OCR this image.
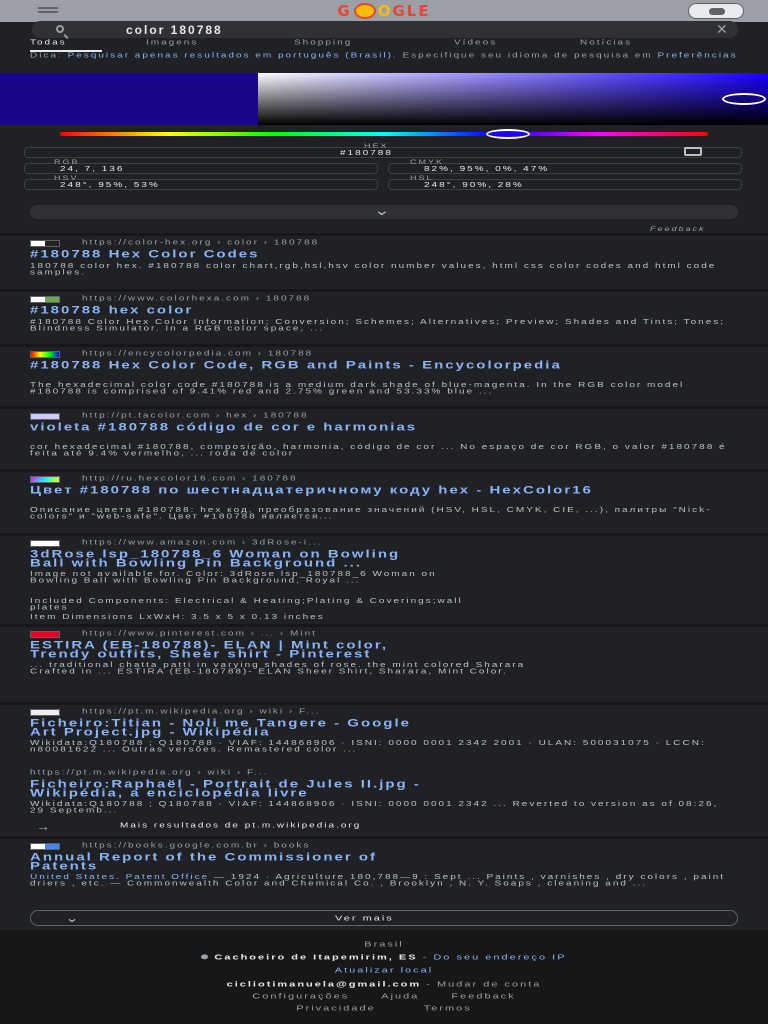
G O G L E
color 180788
✕
Todas	Imagens	Shopping	Vídeos	Notícias
Dica: Pesquisar apenas resultados em português (Brasil). Especifique seu idioma de pesquisa em Preferências
HEX
#180788
RGB
24, 7, 136
CMYK
82%, 95%, 0%, 47%
HSV
248°, 95%, 53%
HSL
248°, 90%, 28%
⌄
Feedback
https://color-hex.org › color › 180788
#180788 Hex Color Codes
180788 color hex. #180788 color chart,rgb,hsl,hsv color number values, html css color codes and html code samples.
https://www.colorhexa.com › 180788
#180788 hex color
#180788 Color Hex Color Information; Conversion; Schemes; Alternatives; Preview; Shades and Tints; Tones; Blindness Simulator. In a RGB color space, ...
https://encycolorpedia.com › 180788
#180788 Hex Color Code, RGB and Paints - Encycolorpedia
The hexadecimal color code #180788 is a medium dark shade of blue-magenta. In the RGB color model #180788 is comprised of 9.41% red and 2.75% green and 53.33% blue ...
http://pt.tacolor.com › hex › 180788
violeta #180788 código de cor e harmonias
cor hexadecimal #180788, composição, harmonia, código de cor ... No espaço de cor RGB, o valor #180788 é feita até 9.4% vermelho, ... roda de color
http://ru.hexcolor16.com › 180788
Цвет #180788 по шестнадцатеричному коду hex - HexColor16
Описание цвета #180788: hex код, преобразование значений (HSV, HSL, CMYK, CIE, ...), палитры "Nick-colors" и "web-safe". Цвет #180788 является...
https://www.amazon.com › 3dRose-i...
3dRose lsp_180788_6 Woman on Bowling
Ball with Bowling Pin Background ...
Image not available for. Color: 3dRose lsp_180788_6 Woman on Bowling Ball with Bowling Pin Background, Royal ...
Included Components: Electrical & Heating;Plating & Coverings;wall plates
Item Dimensions LxWxH: 3.5 x 5 x 0.13 inches
https://www.pinterest.com › ... › Mint
ESTIRA (EB-180788)- ELAN | Mint color,
Trendy outfits, Sheer shirt - Pinterest
... traditional chatta patti in varying shades of rose. the mint colored Sharara Crafted in ... ESTIRA (EB-180788)- ELAN Sheer Shirt, Sharara, Mint Color.
https://pt.m.wikipedia.org › wiki › F...
Ficheiro:Titian - Noli me Tangere - Google
Art Project.jpg - Wikipédia
Wikidata:Q180788 ; Q180788 · VIAF: 144868906 · ISNI: 0000 0001 2342 2001 · ULAN: 500031075 · LCCN: n80081622 ... Outras versões. Remastered color ...
https://pt.m.wikipedia.org › wiki › F...
Ficheiro:Raphaël - Portrait de Jules II.jpg -
Wikipédia, a enciclopédia livre
Wikidata:Q180788 ; Q180788 · VIAF: 144868906 · ISNI: 0000 0001 2342 ... Reverted to version as of 08:26, 29 Septemb...
→	Mais resultados de pt.m.wikipedia.org
https://books.google.com.br › books
Annual Report of the Commissioner of
Patents
United States. Patent Office — 1924 · Agriculture 180,788—9 : Sept ... Paints , varnishes , dry colors , paint driers , etc. — Commonwealth Color and Chemical Co. , Brooklyn , N. Y. Soaps , cleaning and ...
⌄	Ver mais
Brasil
Cachoeiro de Itapemirim, ES - Do seu endereço IP
Atualizar local
cicliotimanuela@gmail.com - Mudar de conta
Configurações	Ajuda	Feedback
Privacidade	Termos
